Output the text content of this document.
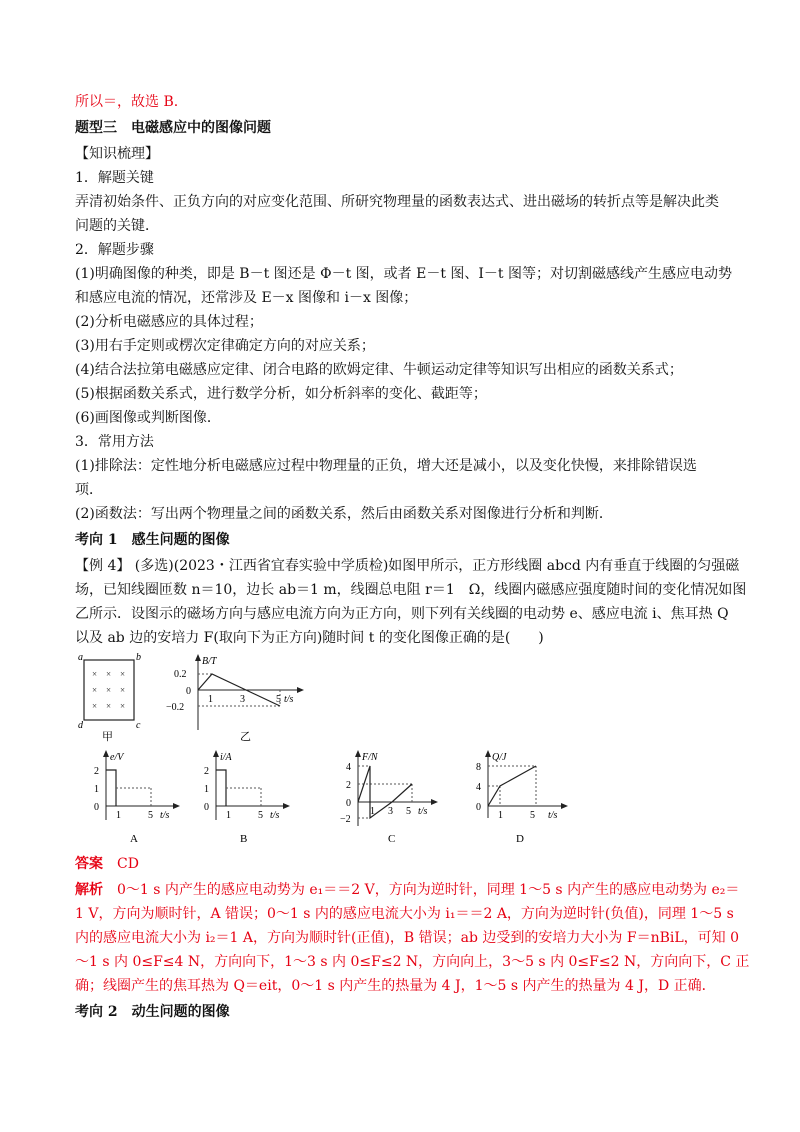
所以＝，故选 B.
题型三　电磁感应中的图像问题
【知识梳理】
1．解题关键
弄清初始条件、正负方向的对应变化范围、所研究物理量的函数表达式、进出磁场的转折点等是解决此类
问题的关键．
2．解题步骤
(1)明确图像的种类，即是 B－t 图还是 Φ－t 图，或者 E－t 图、I－t 图等；对切割磁感线产生感应电动势
和感应电流的情况，还常涉及 E－x 图像和 i－x 图像；
(2)分析电磁感应的具体过程；
(3)用右手定则或楞次定律确定方向的对应关系；
(4)结合法拉第电磁感应定律、闭合电路的欧姆定律、牛顿运动定律等知识写出相应的函数关系式；
(5)根据函数关系式，进行数学分析，如分析斜率的变化、截距等；
(6)画图像或判断图像．
3．常用方法
(1)排除法：定性地分析电磁感应过程中物理量的正负，增大还是减小，以及变化快慢，来排除错误选
项．
(2)函数法：写出两个物理量之间的函数关系，然后由函数关系对图像进行分析和判断．
考向 1　感生问题的图像
【例 4】 (多选)(2023・江西省宜春实验中学质检)如图甲所示，正方形线圈 abcd 内有垂直于线圈的匀强磁
场，已知线圈匝数 n＝10，边长 ab＝1 m，线圈总电阻 r＝1　Ω，线圈内磁感应强度随时间的变化情况如图
乙所示．设图示的磁场方向与感应电流方向为正方向，则下列有关线圈的电动势 e、感应电流 i、焦耳热 Q
以及 ab 边的安培力 F(取向下为正方向)随时间 t 的变化图像正确的是(　　)
× × ×
× × ×
× × ×
a	b
c
d
甲
B/T
t/s
0.2
0
−0.2
1	3	5
乙
e/V
t/s
2
1
0
1	5
A
i/A
t/s
2
1
0
1	5
B
F/N
t/s
4
2
0
−2
1 3 5
C
Q/J
t/s
8
4
0
1	5
D
答案　 CD
解析　 0～1 s 内产生的感应电动势为 e₁＝＝2 V，方向为逆时针，同理 1～5 s 内产生的感应电动势为 e₂＝
1 V，方向为顺时针，A 错误；0～1 s 内的感应电流大小为 i₁＝＝2 A，方向为逆时针(负值)，同理 1～5 s
内的感应电流大小为 i₂＝1 A，方向为顺时针(正值)，B 错误；ab 边受到的安培力大小为 F＝nBiL，可知 0
～1 s 内 0≤F≤4 N，方向向下，1～3 s 内 0≤F≤2 N，方向向上，3～5 s 内 0≤F≤2 N，方向向下，C 正
确；线圈产生的焦耳热为 Q＝eit，0～1 s 内产生的热量为 4 J，1～5 s 内产生的热量为 4 J，D 正确．
考向 2　动生问题的图像
